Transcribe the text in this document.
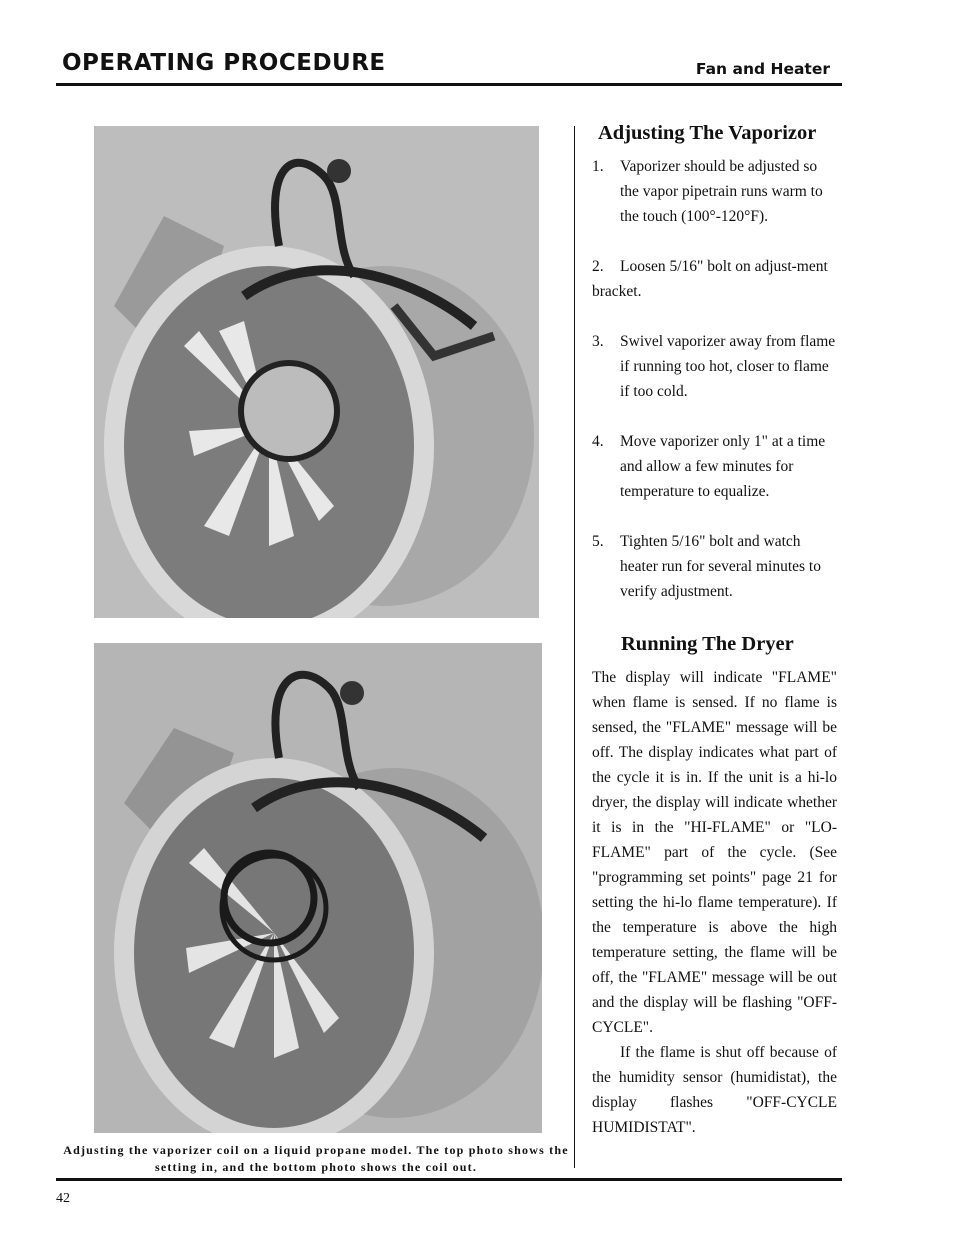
OPERATING PROCEDURE	Fan and Heater
Adjusting the vaporizer coil on a liquid propane model. The top photo shows the setting in, and the bottom photo shows the coil out.
Adjusting The Vaporizor
1.	Vaporizer should be adjusted so the vapor pipetrain runs warm to the touch (100°-120°F).
2. Loosen 5/16" bolt on adjust-ment bracket.
3.	Swivel vaporizer away from flame if running too hot, closer to flame if too cold.
4.	Move vaporizer only 1" at a time and allow a few minutes for temperature to equalize.
5.	Tighten 5/16" bolt and watch heater run for several minutes to verify adjustment.
Running The Dryer

The display will indicate "FLAME" when flame is sensed. If no flame is sensed, the "FLAME" message will be off. The display indicates what part of the cycle it is in. If the unit is a hi-lo dryer, the display will indicate whether it is in the "HI-FLAME" or "LO-FLAME" part of the cycle. (See "programming set points" page 21 for setting the hi-lo flame temperature). If the temperature is above the high temperature setting, the flame will be off, the "FLAME" message will be out and the display will be flashing "OFF-CYCLE".

If the flame is shut off because of the humidity sensor (humidistat), the display flashes "OFF-CYCLE HUMIDISTAT".

42
